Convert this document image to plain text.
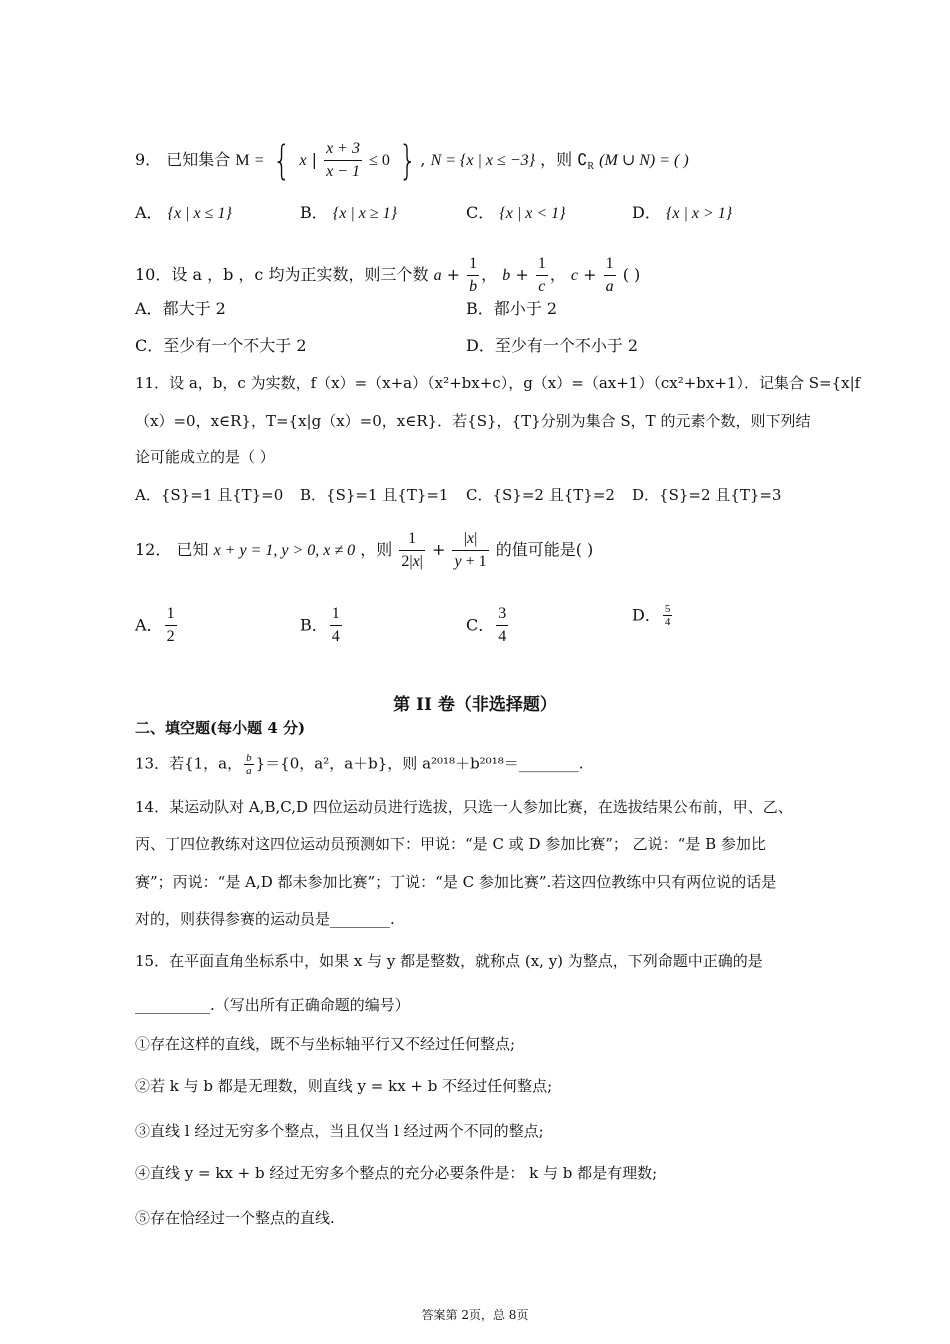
9． 已知集合 M = { x | $\frac{x + 3}{x - 1} \le 0$ } , N = {x | x ≤ −3} ，则 $∁_R$ (M ∪ N) = ( )
A． {x | x ≤ 1}	B． {x | x ≥ 1}	C． {x | x < 1}	D． {x | x > 1}
10．设 a ，b ，c 均为正实数，则三个数 $a + \frac{1}{b}$ ， $b + \frac{1}{c}$ ， $c + \frac{1}{a}$ ( )
A．都大于 2	B．都小于 2
C．至少有一个不大于 2	D．至少有一个不小于 2
11．设 a，b，c 为实数，f（x）=（x+a）（x²+bx+c），g（x）=（ax+1）（cx²+bx+1）．记集合 S={x|f
（x）=0，x∈R}，T={x|g（x）=0，x∈R}．若{S}，{T}分别为集合 S，T 的元素个数，则下列结
论可能成立的是（ ）
A．{S}=1 且{T}=0 B．{S}=1 且{T}=1 C．{S}=2 且{T}=2 D．{S}=2 且{T}=3
12． 已知 x + y = 1, y > 0, x ≠ 0 ，则 $\frac{1}{2|x|} + \frac{|x|}{y + 1}$ 的值可能是( )
A． $\frac{1}{2}$	B． $\frac{1}{4}$	C． $\frac{3}{4}$	D． $\frac{5}{4}$
第 II 卷（非选择题）
二、填空题(每小题 4 分)
13．若{1，a， $\frac{b}{a} \}=\{0$，a²，a＋b}，则 a²⁰¹⁸＋b²⁰¹⁸＝________.
14．某运动队对 A,B,C,D 四位运动员进行选拔，只选一人参加比赛，在选拔结果公布前，甲、乙、
丙、丁四位教练对这四位运动员预测如下：甲说：“是 C 或 D 参加比赛”； 乙说：“是 B 参加比
赛”；丙说：“是 A,D 都未参加比赛”；丁说：“是 C 参加比赛”.若这四位教练中只有两位说的话是
对的，则获得参赛的运动员是________.
15．在平面直角坐标系中，如果 x 与 y 都是整数，就称点 (x, y) 为整点，下列命题中正确的是
__________.（写出所有正确命题的编号）
①存在这样的直线，既不与坐标轴平行又不经过任何整点;
②若 k 与 b 都是无理数，则直线 y = kx + b 不经过任何整点;
③直线 l 经过无穷多个整点，当且仅当 l 经过两个不同的整点;
④直线 y = kx + b 经过无穷多个整点的充分必要条件是： k 与 b 都是有理数;
⑤存在恰经过一个整点的直线.
答案第 2页，总 8页
